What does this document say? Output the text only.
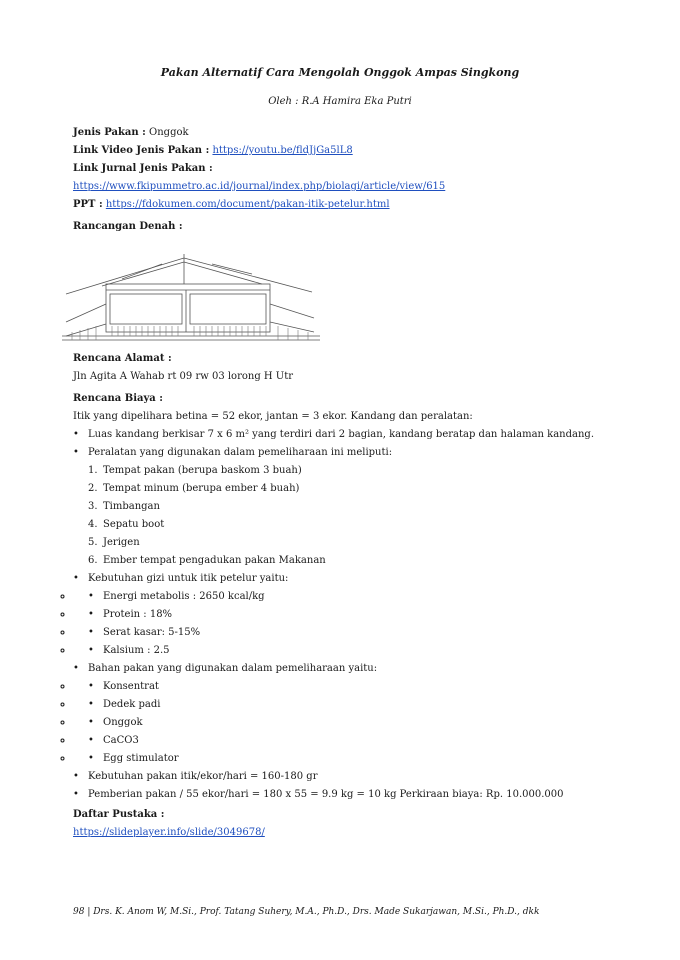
Pakan Alternatif Cara Mengolah Onggok Ampas Singkong
Oleh : R.A Hamira Eka Putri
Jenis Pakan : Onggok
Link Video Jenis Pakan : https://youtu.be/fldJjGa5lL8
Link Jurnal Jenis Pakan :
https://www.fkipummetro.ac.id/journal/index.php/biolagi/article/view/615
PPT : https://fdokumen.com/document/pakan-itik-petelur.html
Rancangan Denah :
Rencana Alamat :
Jln Agita A Wahab rt 09 rw 03 lorong H Utr
Rencana Biaya :
Itik yang dipelihara betina = 52 ekor, jantan = 3 ekor. Kandang dan peralatan:
• Luas kandang berkisar 7 x 6 m² yang terdiri dari 2 bagian, kandang beratap dan halaman kandang.
• Peralatan yang digunakan dalam pemeliharaan ini meliputi:
1. Tempat pakan (berupa baskom 3 buah)
2. Tempat minum (berupa ember 4 buah)
3. Timbangan
4. Sepatu boot
5. Jerigen
6. Ember tempat pengadukan pakan Makanan
• Kebutuhan gizi untuk itik petelur yaitu:
• ◦ Energi metabolis : 2650 kcal/kg
• ◦ Protein : 18%
• ◦ Serat kasar: 5-15%
• ◦ Kalsium : 2.5
• Bahan pakan yang digunakan dalam pemeliharaan yaitu:
• ◦ Konsentrat
• ◦ Dedek padi
• ◦ Onggok
• ◦ CaCO3
• ◦ Egg stimulator
• Kebutuhan pakan itik/ekor/hari = 160-180 gr
• Pemberian pakan / 55 ekor/hari = 180 x 55 = 9.9 kg = 10 kg Perkiraan biaya: Rp. 10.000.000
Daftar Pustaka :
https://slideplayer.info/slide/3049678/
98 | Drs. K. Anom W, M.Si., Prof. Tatang Suhery, M.A., Ph.D., Drs. Made Sukarjawan, M.Si., Ph.D., dkk
